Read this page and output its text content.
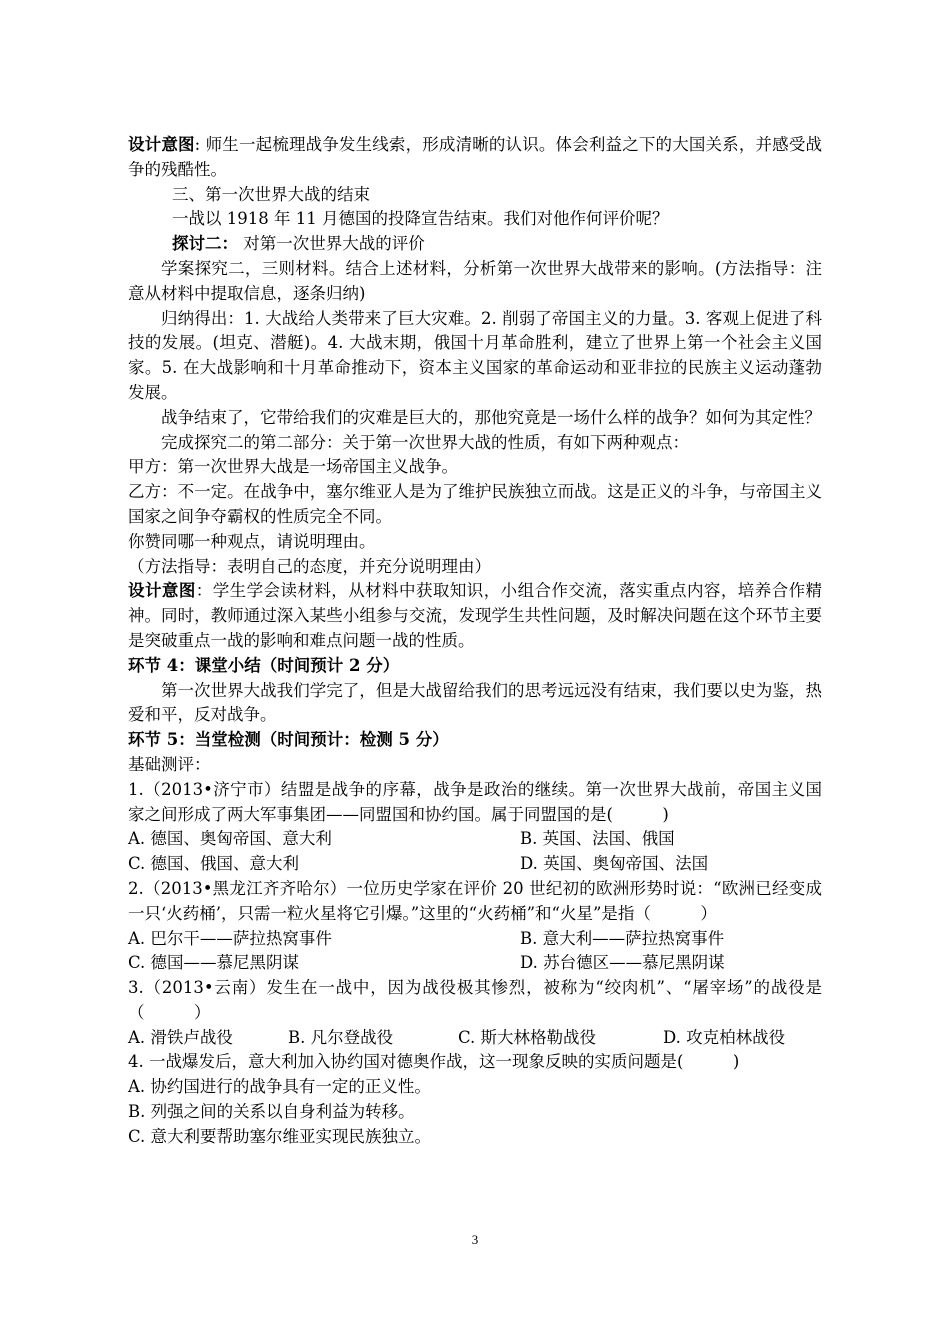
设计意图: 师生一起梳理战争发生线索，形成清晰的认识。体会利益之下的大国关系，并感受战争的残酷性。

三、第一次世界大战的结束

一战以 1918 年 11 月德国的投降宣告结束。我们对他作何评价呢？

探讨二： 对第一次世界大战的评价

学案探究二，三则材料。结合上述材料，分析第一次世界大战带来的影响。(方法指导：注意从材料中提取信息，逐条归纳)

归纳得出：1. 大战给人类带来了巨大灾难。2. 削弱了帝国主义的力量。3. 客观上促进了科技的发展。(坦克、潜艇)。4. 大战末期，俄国十月革命胜利，建立了世界上第一个社会主义国家。5. 在大战影响和十月革命推动下，资本主义国家的革命运动和亚非拉的民族主义运动蓬勃发展。

战争结束了，它带给我们的灾难是巨大的，那他究竟是一场什么样的战争？如何为其定性？

完成探究二的第二部分：关于第一次世界大战的性质，有如下两种观点：

甲方：第一次世界大战是一场帝国主义战争。

乙方：不一定。在战争中，塞尔维亚人是为了维护民族独立而战。这是正义的斗争，与帝国主义国家之间争夺霸权的性质完全不同。

你赞同哪一种观点，请说明理由。

（方法指导：表明自己的态度，并充分说明理由）

设计意图：学生学会读材料，从材料中获取知识，小组合作交流，落实重点内容，培养合作精神。同时，教师通过深入某些小组参与交流，发现学生共性问题，及时解决问题在这个环节主要是突破重点一战的影响和难点问题一战的性质。

环节 4：课堂小结（时间预计 2 分）

第一次世界大战我们学完了，但是大战留给我们的思考远远没有结束，我们要以史为鉴，热爱和平，反对战争。

环节 5：当堂检测（时间预计：检测 5 分）

基础测评：

1.（2013•济宁市）结盟是战争的序幕，战争是政治的继续。第一次世界大战前，帝国主义国家之间形成了两大军事集团——同盟国和协约国。属于同盟国的是(　　　)

A. 德国、奥匈帝国、意大利	B. 英国、法国、俄国
C. 德国、俄国、意大利	D. 英国、奥匈帝国、法国

2.（2013•黑龙江齐齐哈尔）一位历史学家在评价 20 世纪初的欧洲形势时说：“欧洲已经变成一只‘火药桶’，只需一粒火星将它引爆。”这里的“火药桶”和“火星”是指（　　　）

A. 巴尔干——萨拉热窝事件	B. 意大利——萨拉热窝事件
C. 德国——慕尼黑阴谋	D. 苏台德区——慕尼黑阴谋

3.（2013•云南）发生在一战中，因为战役极其惨烈，被称为“绞肉机”、“屠宰场”的战役是（　　　）

A. 滑铁卢战役	B. 凡尔登战役	C. 斯大林格勒战役	D. 攻克柏林战役

4. 一战爆发后，意大利加入协约国对德奥作战，这一现象反映的实质问题是(　　　)

A. 协约国进行的战争具有一定的正义性。

B. 列强之间的关系以自身利益为转移。

C. 意大利要帮助塞尔维亚实现民族独立。

3
